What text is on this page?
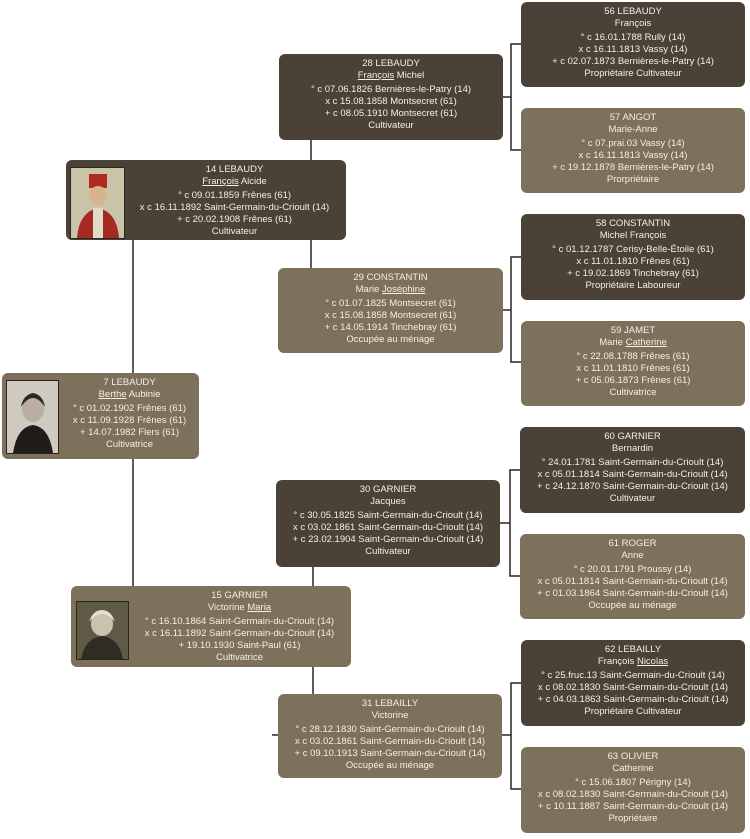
7 LEBAUDY
Berthe Aubinie
° c 01.02.1902 Frênes (61)
x c 11.09.1928 Frênes (61)
+ 14.07.1982 Flers (61)
Cultivatrice
14 LEBAUDY
François Alcide
° c 09.01.1859 Frênes (61)
x c 16.11.1892 Saint-Germain-du-Crioult (14)
+ c 20.02.1908 Frênes (61)
Cultivateur
15 GARNIER
Victorine Maria
° c 16.10.1864 Saint-Germain-du-Crioult (14)
x c 16.11.1892 Saint-Germain-du-Crioult (14)
+ 19.10.1930 Saint-Paul (61)
Cultivatrice
28 LEBAUDY
François Michel
° c 07.06.1826 Bernières-le-Patry (14)
x c 15.08.1858 Montsecret (61)
+ c 08.05.1910 Montsecret (61)
Cultivateur
29 CONSTANTIN
Marie Joséphine
° c 01.07.1825 Montsecret (61)
x c 15.08.1858 Montsecret (61)
+ c 14.05.1914 Tinchebray (61)
Occupée au ménage
30 GARNIER
Jacques
° c 30.05.1825 Saint-Germain-du-Crioult (14)
x c 03.02.1861 Saint-Germain-du-Crioult (14)
+ c 23.02.1904 Saint-Germain-du-Crioult (14)
Cultivateur
31 LEBAILLY
Victorine
° c 28.12.1830 Saint-Germain-du-Crioult (14)
x c 03.02.1861 Saint-Germain-du-Crioult (14)
+ c 09.10.1913 Saint-Germain-du-Crioult (14)
Occupée au ménage
56 LEBAUDY
François
° c 16.01.1788 Rully (14)
x c 16.11.1813 Vassy (14)
+ c 02.07.1873 Bernières-le-Patry (14)
Propriétaire Cultivateur
57 ANGOT
Marie-Anne
° c 07.prai.03 Vassy (14)
x c 16.11.1813 Vassy (14)
+ c 19.12.1878 Bernières-le-Patry (14)
Prorpriétaire
58 CONSTANTIN
Michel François
° c 01.12.1787 Cerisy-Belle-Étoile (61)
x c 11.01.1810 Frênes (61)
+ c 19.02.1869 Tinchebray (61)
Propriétaire Laboureur
59 JAMET
Marie Catherine
° c 22.08.1788 Frênes (61)
x c 11.01.1810 Frênes (61)
+ c 05.06.1873 Frênes (61)
Cultivatrice
60 GARNIER
Bernardin
° 24.01.1781 Saint-Germain-du-Crioult (14)
x c 05.01.1814 Saint-Germain-du-Crioult (14)
+ c 24.12.1870 Saint-Germain-du-Crioult (14)
Cultivateur
61 ROGER
Anne
° c 20.01.1791 Proussy (14)
x c 05.01.1814 Saint-Germain-du-Crioult (14)
+ c 01.03.1864 Saint-Germain-du-Crioult (14)
Occupée au ménage
62 LEBAILLY
François Nicolas
° c 25.fruc.13 Saint-Germain-du-Crioult (14)
x c 08.02.1830 Saint-Germain-du-Crioult (14)
+ c 04.03.1863 Saint-Germain-du-Crioult (14)
Propriétaire Cultivateur
63 OLIVIER
Catherine
° c 15.06.1807 Périgny (14)
x c 08.02.1830 Saint-Germain-du-Crioult (14)
+ c 10.11.1887 Saint-Germain-du-Crioult (14)
Propriétaire
